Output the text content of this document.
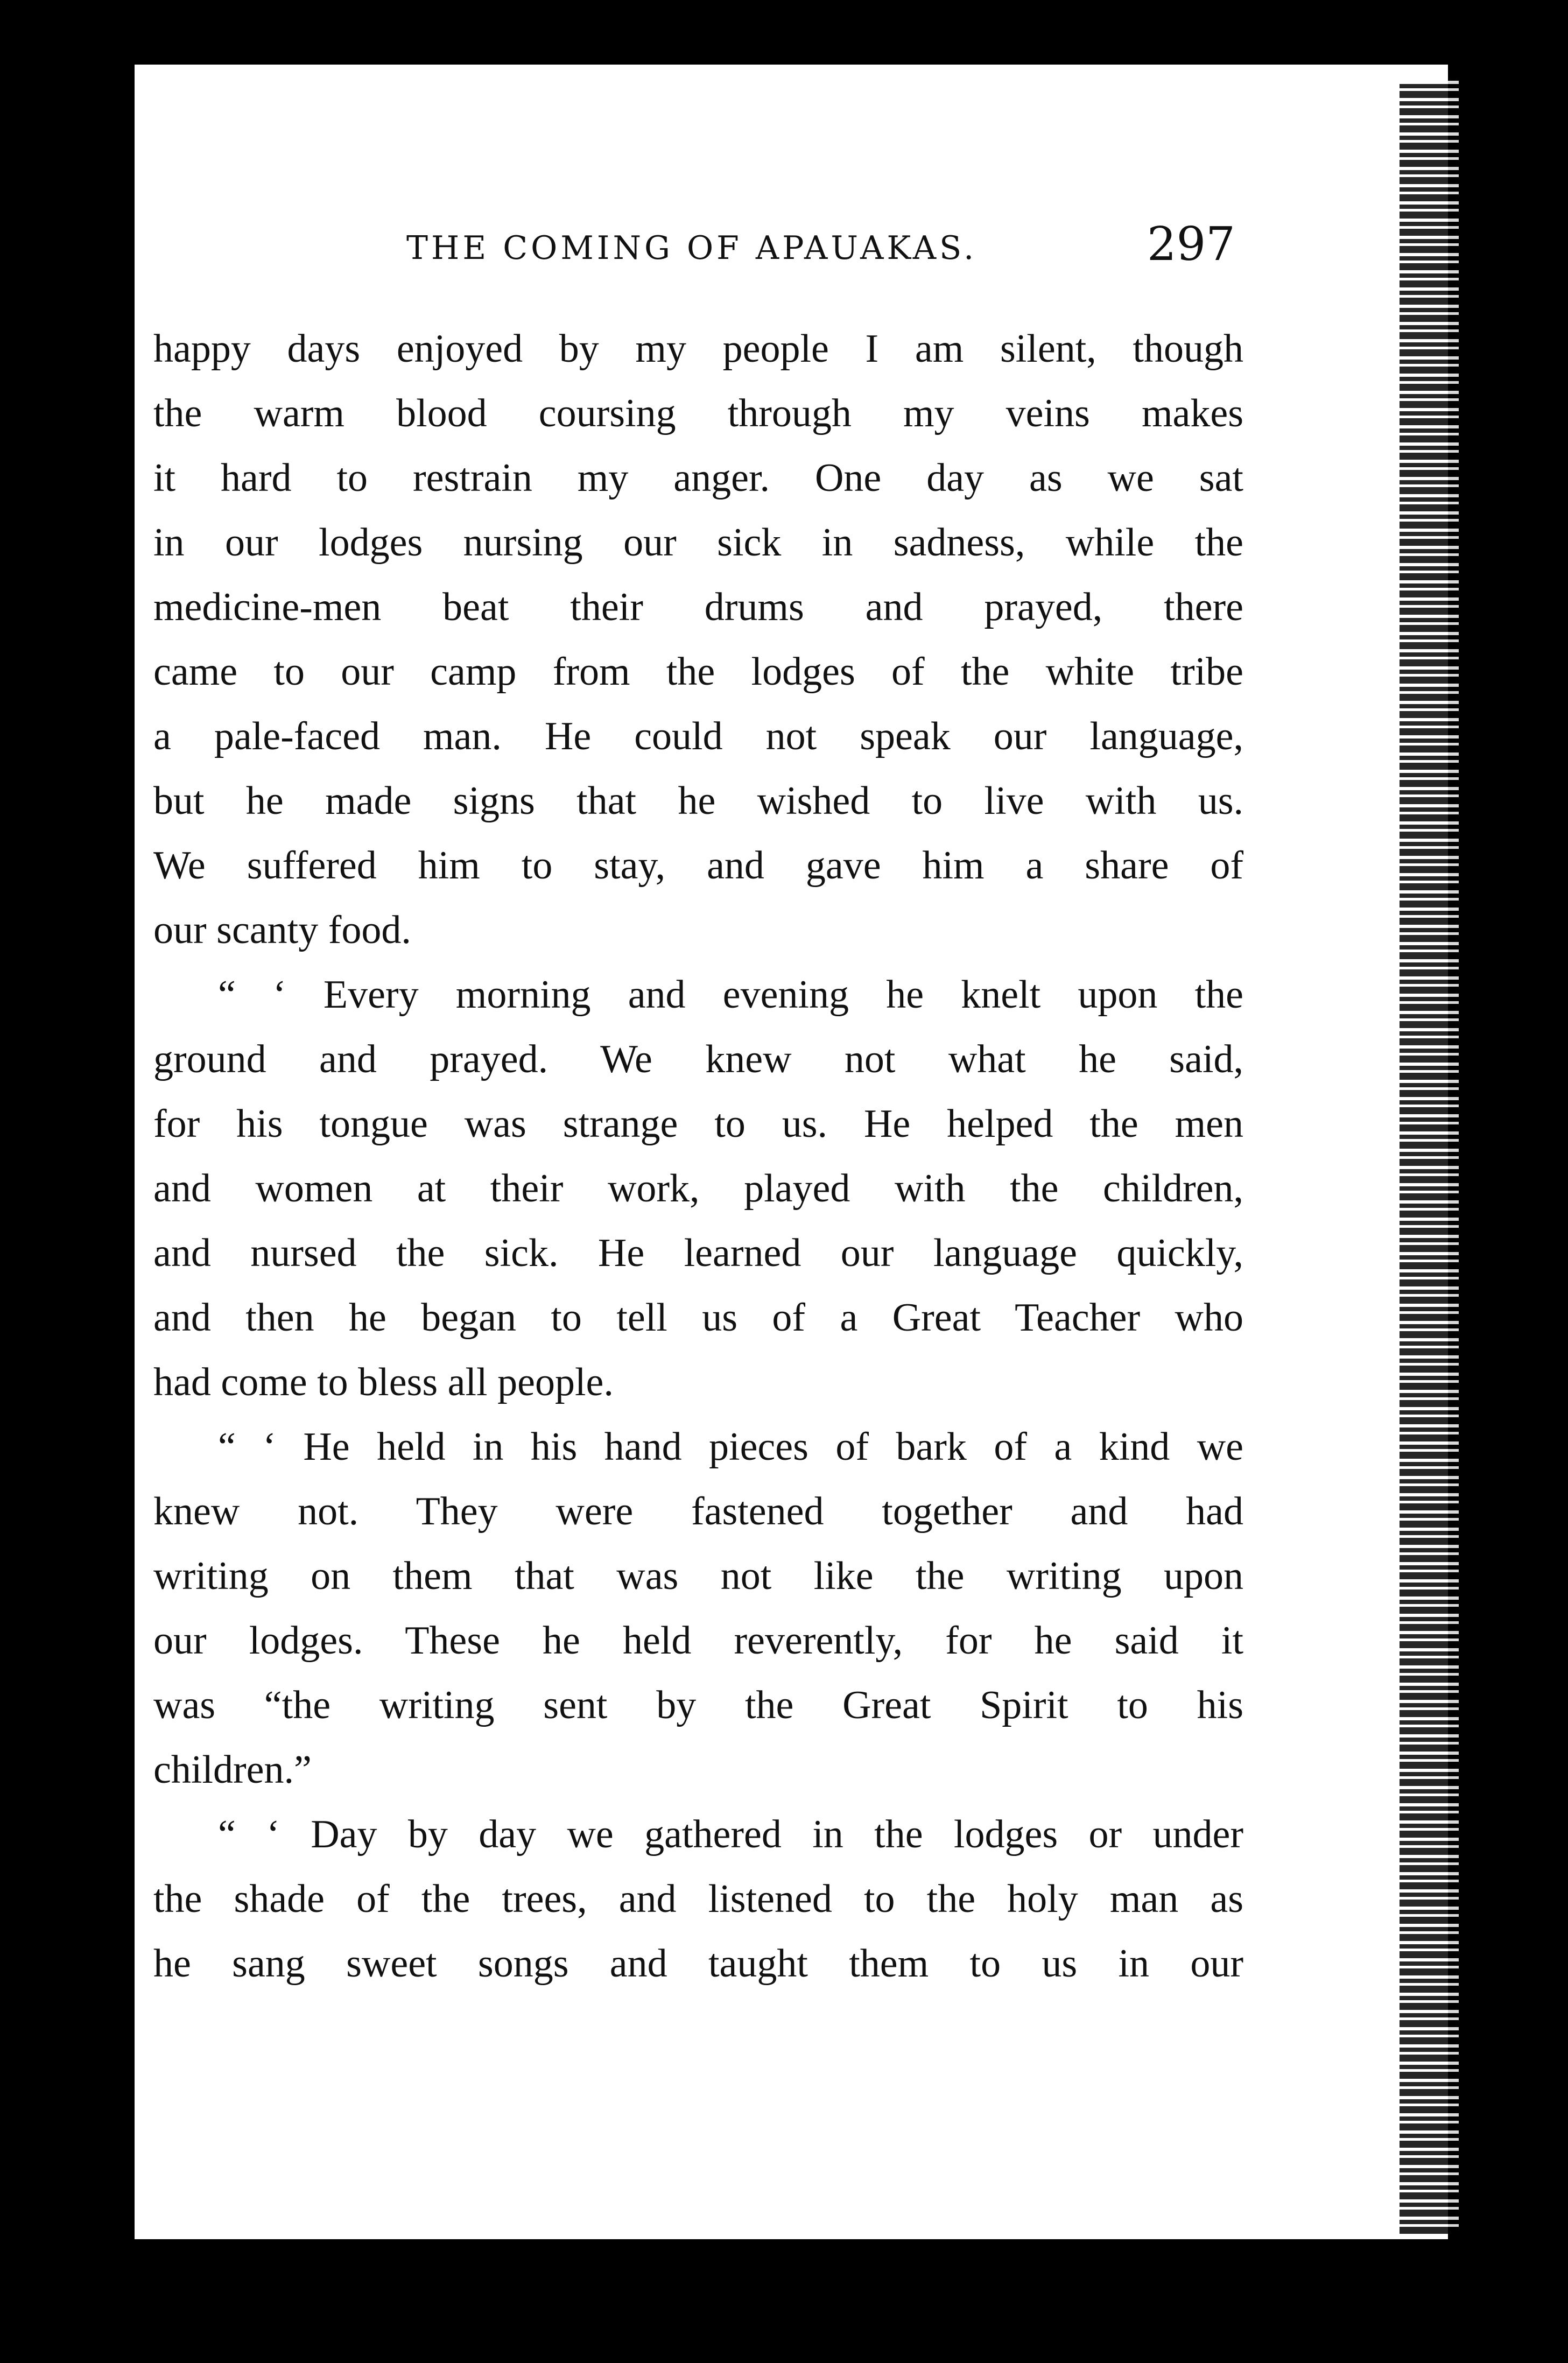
THE COMING OF APAUAKAS.	297
happy days enjoyed by my people I am silent, though
the warm blood coursing through my veins makes
it hard to restrain my anger. One day as we sat
in our lodges nursing our sick in sadness, while the
medicine-men beat their drums and prayed, there
came to our camp from the lodges of the white tribe
a pale-faced man. He could not speak our language,
but he made signs that he wished to live with us.
We suffered him to stay, and gave him a share of
our scanty food.
“ ‘ Every morning and evening he knelt upon the
ground and prayed. We knew not what he said,
for his tongue was strange to us. He helped the men
and women at their work, played with the children,
and nursed the sick. He learned our language quickly,
and then he began to tell us of a Great Teacher who
had come to bless all people.
“ ‘ He held in his hand pieces of bark of a kind we
knew not. They were fastened together and had
writing on them that was not like the writing upon
our lodges. These he held reverently, for he said it
was “the writing sent by the Great Spirit to his
children.”
“ ‘ Day by day we gathered in the lodges or under
the shade of the trees, and listened to the holy man as
he sang sweet songs and taught them to us in our
